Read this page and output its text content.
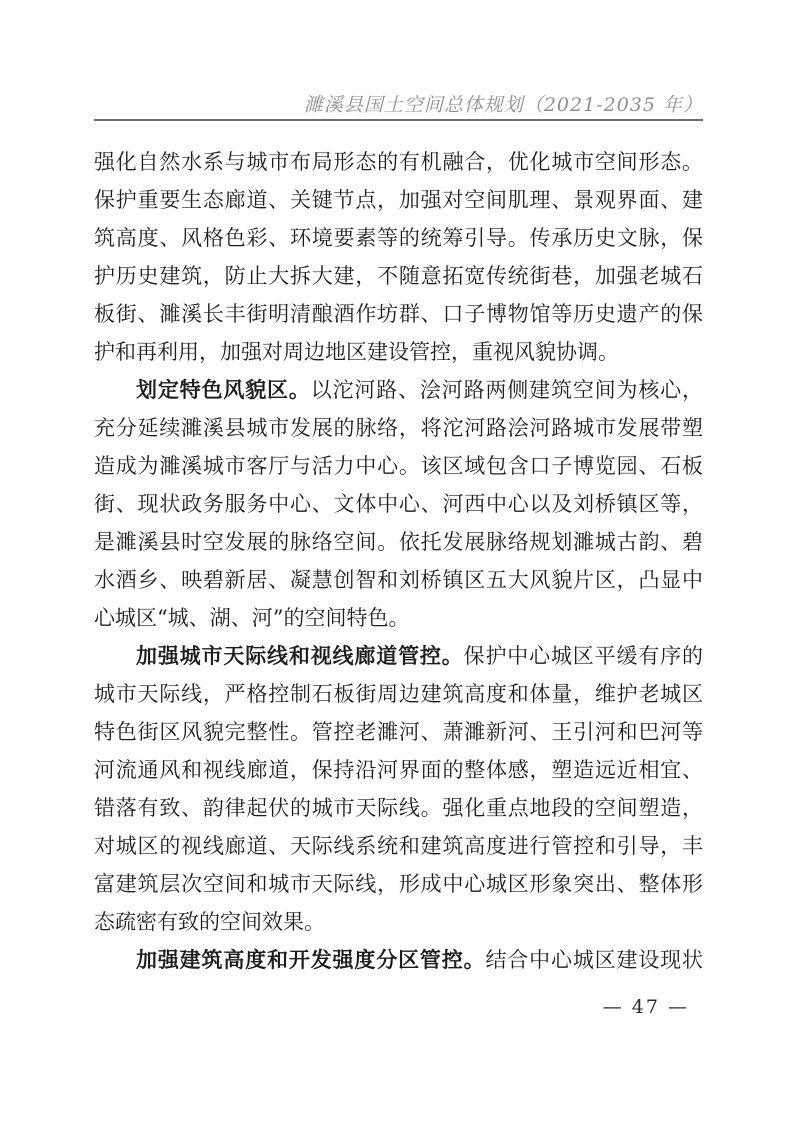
濉溪县国土空间总体规划（2021-2035 年）
强化自然水系与城市布局形态的有机融合，优化城市空间形态。
保护重要生态廊道、关键节点，加强对空间肌理、景观界面、建
筑高度、风格色彩、环境要素等的统筹引导。传承历史文脉，保
护历史建筑，防止大拆大建，不随意拓宽传统街巷，加强老城石
板街、濉溪长丰街明清酿酒作坊群、口子博物馆等历史遗产的保
护和再利用，加强对周边地区建设管控，重视风貌协调。
划定特色风貌区。以沱河路、浍河路两侧建筑空间为核心，
充分延续濉溪县城市发展的脉络，将沱河路浍河路城市发展带塑
造成为濉溪城市客厅与活力中心。该区域包含口子博览园、石板
街、现状政务服务中心、文体中心、河西中心以及刘桥镇区等，
是濉溪县时空发展的脉络空间。依托发展脉络规划濉城古韵、碧
水酒乡、映碧新居、凝慧创智和刘桥镇区五大风貌片区，凸显中
心城区“城、湖、河”的空间特色。
加强城市天际线和视线廊道管控。保护中心城区平缓有序的
城市天际线，严格控制石板街周边建筑高度和体量，维护老城区
特色街区风貌完整性。管控老濉河、萧濉新河、王引河和巴河等
河流通风和视线廊道，保持沿河界面的整体感，塑造远近相宜、
错落有致、韵律起伏的城市天际线。强化重点地段的空间塑造，
对城区的视线廊道、天际线系统和建筑高度进行管控和引导，丰
富建筑层次空间和城市天际线，形成中心城区形象突出、整体形
态疏密有致的空间效果。
加强建筑高度和开发强度分区管控。结合中心城区建设现状
— 47 —
